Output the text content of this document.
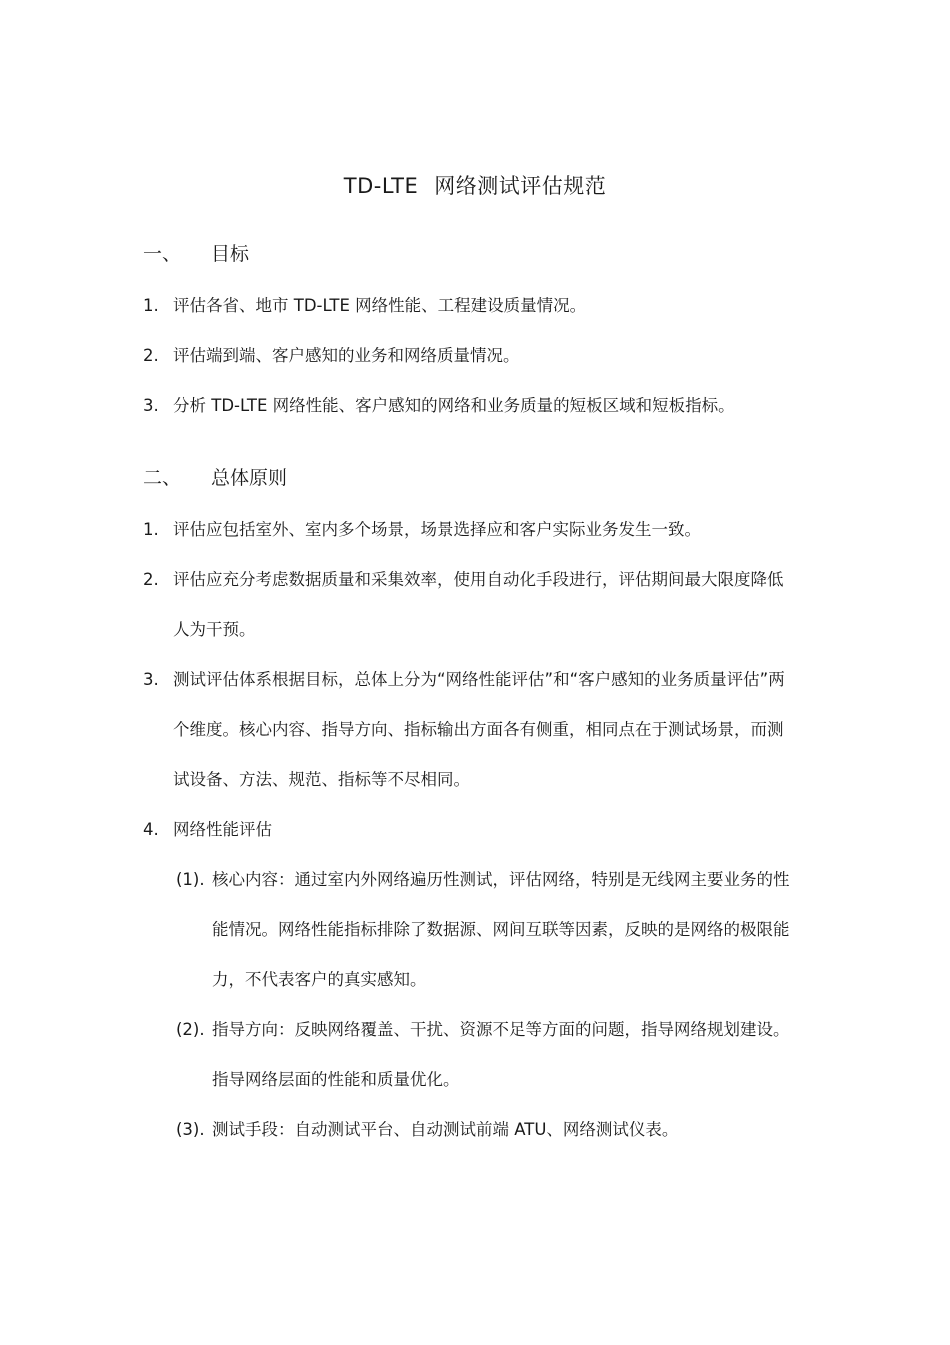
TD-LTE 网络测试评估规范
一、 目标
1. 评估各省、地市 TD-LTE 网络性能、工程建设质量情况。
2. 评估端到端、客户感知的业务和网络质量情况。
3. 分析 TD-LTE 网络性能、客户感知的网络和业务质量的短板区域和短板指标。
二、 总体原则
1. 评估应包括室外、室内多个场景，场景选择应和客户实际业务发生一致。
2. 评估应充分考虑数据质量和采集效率，使用自动化手段进行，评估期间最大限度降低人为干预。
3. 测试评估体系根据目标，总体上分为“网络性能评估”和“客户感知的业务质量评估”两个维度。核心内容、指导方向、指标输出方面各有侧重，相同点在于测试场景，而测试设备、方法、规范、指标等不尽相同。
4. 网络性能评估
(1). 核心内容：通过室内外网络遍历性测试，评估网络，特别是无线网主要业务的性能情况。网络性能指标排除了数据源、网间互联等因素，反映的是网络的极限能力，不代表客户的真实感知。
(2). 指导方向：反映网络覆盖、干扰、资源不足等方面的问题，指导网络规划建设。指导网络层面的性能和质量优化。
(3). 测试手段：自动测试平台、自动测试前端 ATU、网络测试仪表。
